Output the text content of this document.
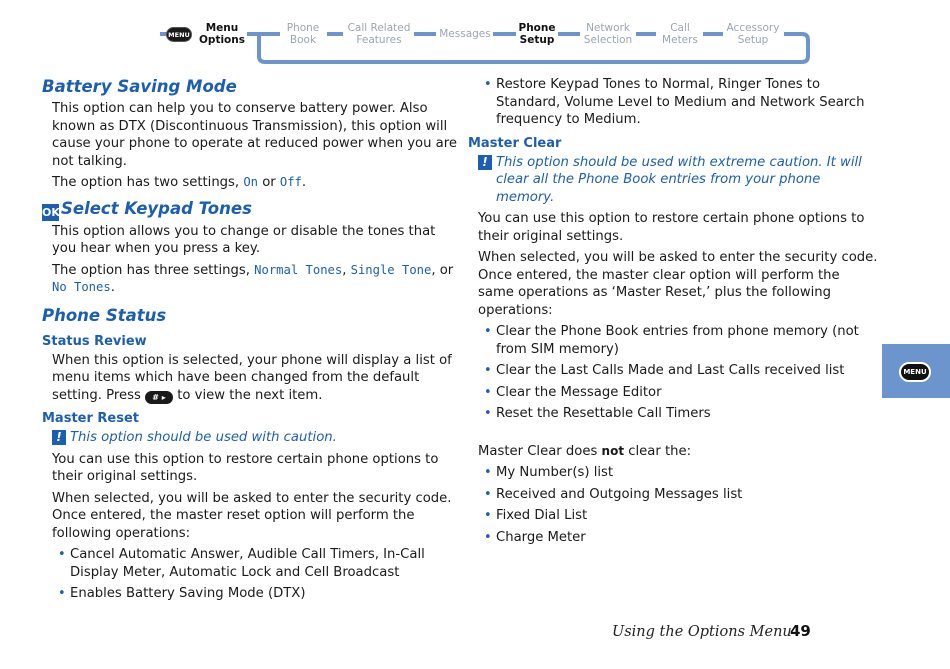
MENU
Menu
Options
Phone
Book
Call Related
Features	Messages	Phone
Setup
Network
Selection
Call
Meters
Accessory
Setup
Battery Saving Mode

This option can help you to conserve battery power. Also known as DTX (Discontinuous Transmission), this option will cause your phone to operate at reduced power when you are not talking.

The option has two settings, On or Off.

OKSelect Keypad Tones

This option allows you to change or disable the tones that you hear when you press a key.

The option has three settings, Normal Tones, Single Tone, or
No Tones.

Phone Status
Status Review

When this option is selected, your phone will display a list of menu items which have been changed from the default setting. Press # ▸ to view the next item.

Master Reset
! This option should be used with caution.

You can use this option to restore certain phone options to their original settings.

When selected, you will be asked to enter the security code. Once entered, the master reset option will perform the following operations:

• Cancel Automatic Answer, Audible Call Timers, In-Call Display Meter, Automatic Lock and Cell Broadcast
• Enables Battery Saving Mode (DTX)
• Restore Keypad Tones to Normal, Ringer Tones to Standard, Volume Level to Medium and Network Search frequency to Medium.
Master Clear
! This option should be used with extreme caution. It will clear all the Phone Book entries from your phone memory.

You can use this option to restore certain phone options to their original settings.

When selected, you will be asked to enter the security code. Once entered, the master clear option will perform the same operations as ‘Master Reset,’ plus the following operations:

• Clear the Phone Book entries from phone memory (not from SIM memory)
• Clear the Last Calls Made and Last Calls received list
• Clear the Message Editor
• Reset the Resettable Call Timers

Master Clear does not clear the:

• My Number(s) list
• Received and Outgoing Messages list
• Fixed Dial List
• Charge Meter
MENU
Using the Options Menu
49
